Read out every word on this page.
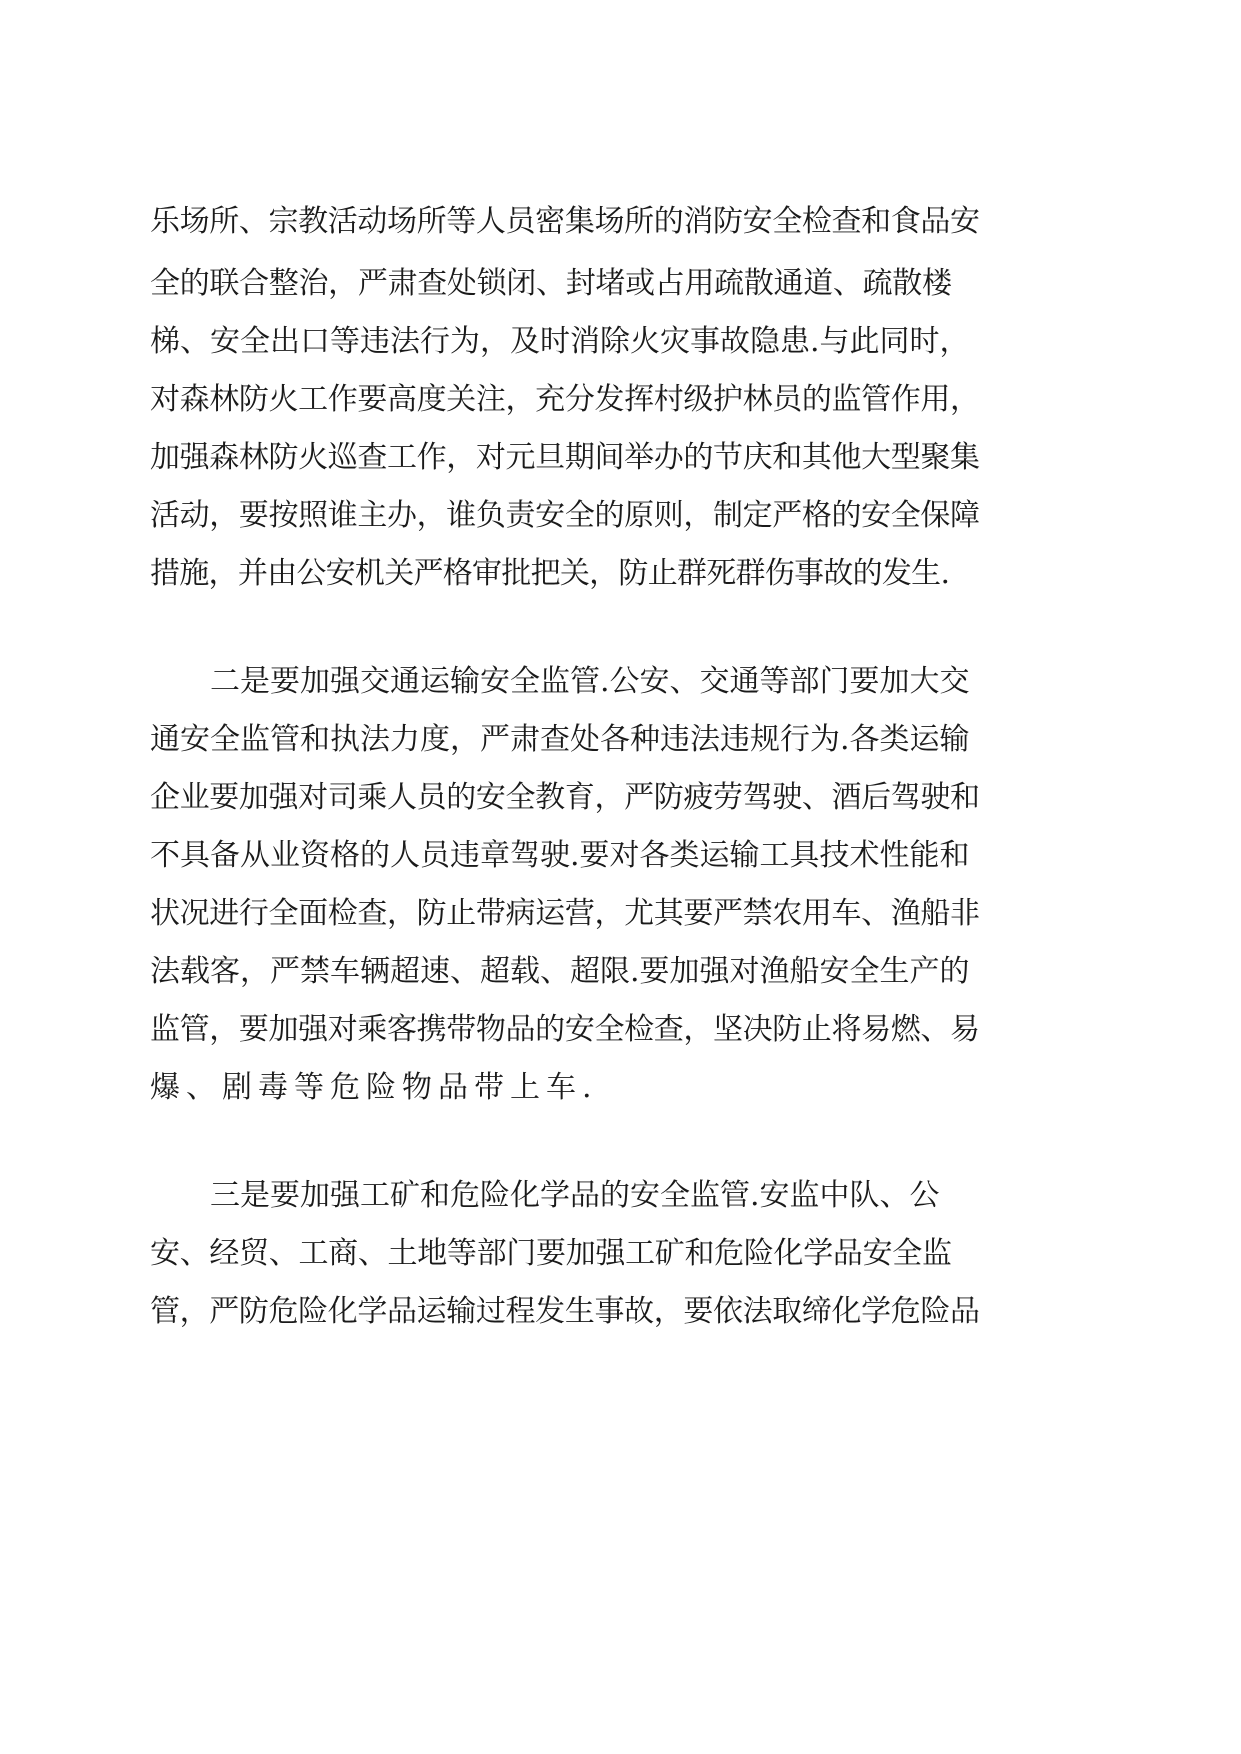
乐场所、宗教活动场所等人员密集场所的消防安全检查和食品安
全的联合整治，严肃查处锁闭、封堵或占用疏散通道、疏散楼
梯、安全出口等违法行为，及时消除火灾事故隐患.与此同时，
对森林防火工作要高度关注，充分发挥村级护林员的监管作用，
加强森林防火巡查工作，对元旦期间举办的节庆和其他大型聚集
活动，要按照谁主办，谁负责安全的原则，制定严格的安全保障
措施，并由公安机关严格审批把关，防止群死群伤事故的发生.
二是要加强交通运输安全监管.公安、交通等部门要加大交
通安全监管和执法力度，严肃查处各种违法违规行为.各类运输
企业要加强对司乘人员的安全教育，严防疲劳驾驶、酒后驾驶和
不具备从业资格的人员违章驾驶.要对各类运输工具技术性能和
状况进行全面检查，防止带病运营，尤其要严禁农用车、渔船非
法载客，严禁车辆超速、超载、超限.要加强对渔船安全生产的
监管，要加强对乘客携带物品的安全检查，坚决防止将易燃、易
爆、剧毒等危险物品带上车.
三是要加强工矿和危险化学品的安全监管.安监中队、公
安、经贸、工商、土地等部门要加强工矿和危险化学品安全监
管，严防危险化学品运输过程发生事故，要依法取缔化学危险品
